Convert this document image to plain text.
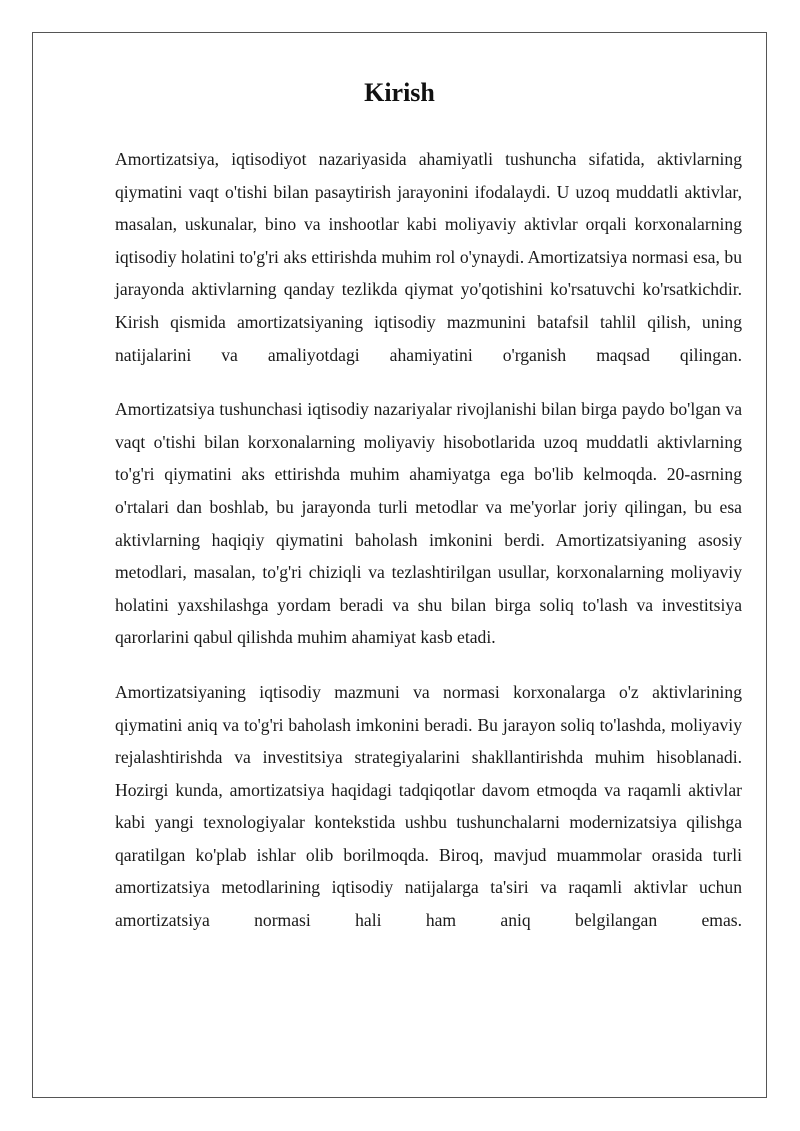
Kirish

Amortizatsiya, iqtisodiyot nazariyasida ahamiyatli tushuncha sifatida, aktivlarning qiymatini vaqt o'tishi bilan pasaytirish jarayonini ifodalaydi. U uzoq muddatli aktivlar, masalan, uskunalar, bino va inshootlar kabi moliyaviy aktivlar orqali korxonalarning iqtisodiy holatini to'g'ri aks ettirishda muhim rol o'ynaydi. Amortizatsiya normasi esa, bu jarayonda aktivlarning qanday tezlikda qiymat yo'qotishini ko'rsatuvchi ko'rsatkichdir. Kirish qismida amortizatsiyaning iqtisodiy mazmunini batafsil tahlil qilish, uning natijalarini va amaliyotdagi ahamiyatini o'rganish maqsad qilingan.

Amortizatsiya tushunchasi iqtisodiy nazariyalar rivojlanishi bilan birga paydo bo'lgan va vaqt o'tishi bilan korxonalarning moliyaviy hisobotlarida uzoq muddatli aktivlarning to'g'ri qiymatini aks ettirishda muhim ahamiyatga ega bo'lib kelmoqda. 20-asrning o'rtalari dan boshlab, bu jarayonda turli metodlar va me'yorlar joriy qilingan, bu esa aktivlarning haqiqiy qiymatini baholash imkonini berdi. Amortizatsiyaning asosiy metodlari, masalan, to'g'ri chiziqli va tezlashtirilgan usullar, korxonalarning moliyaviy holatini yaxshilashga yordam beradi va shu bilan birga soliq to'lash va investitsiya qarorlarini qabul qilishda muhim ahamiyat kasb etadi.

Amortizatsiyaning iqtisodiy mazmuni va normasi korxonalarga o'z aktivlarining qiymatini aniq va to'g'ri baholash imkonini beradi. Bu jarayon soliq to'lashda, moliyaviy rejalashtirishda va investitsiya strategiyalarini shakllantirishda muhim hisoblanadi. Hozirgi kunda, amortizatsiya haqidagi tadqiqotlar davom etmoqda va raqamli aktivlar kabi yangi texnologiyalar kontekstida ushbu tushunchalarni modernizatsiya qilishga qaratilgan ko'plab ishlar olib borilmoqda. Biroq, mavjud muammolar orasida turli amortizatsiya metodlarining iqtisodiy natijalarga ta'siri va raqamli aktivlar uchun amortizatsiya normasi hali ham aniq belgilangan emas.
